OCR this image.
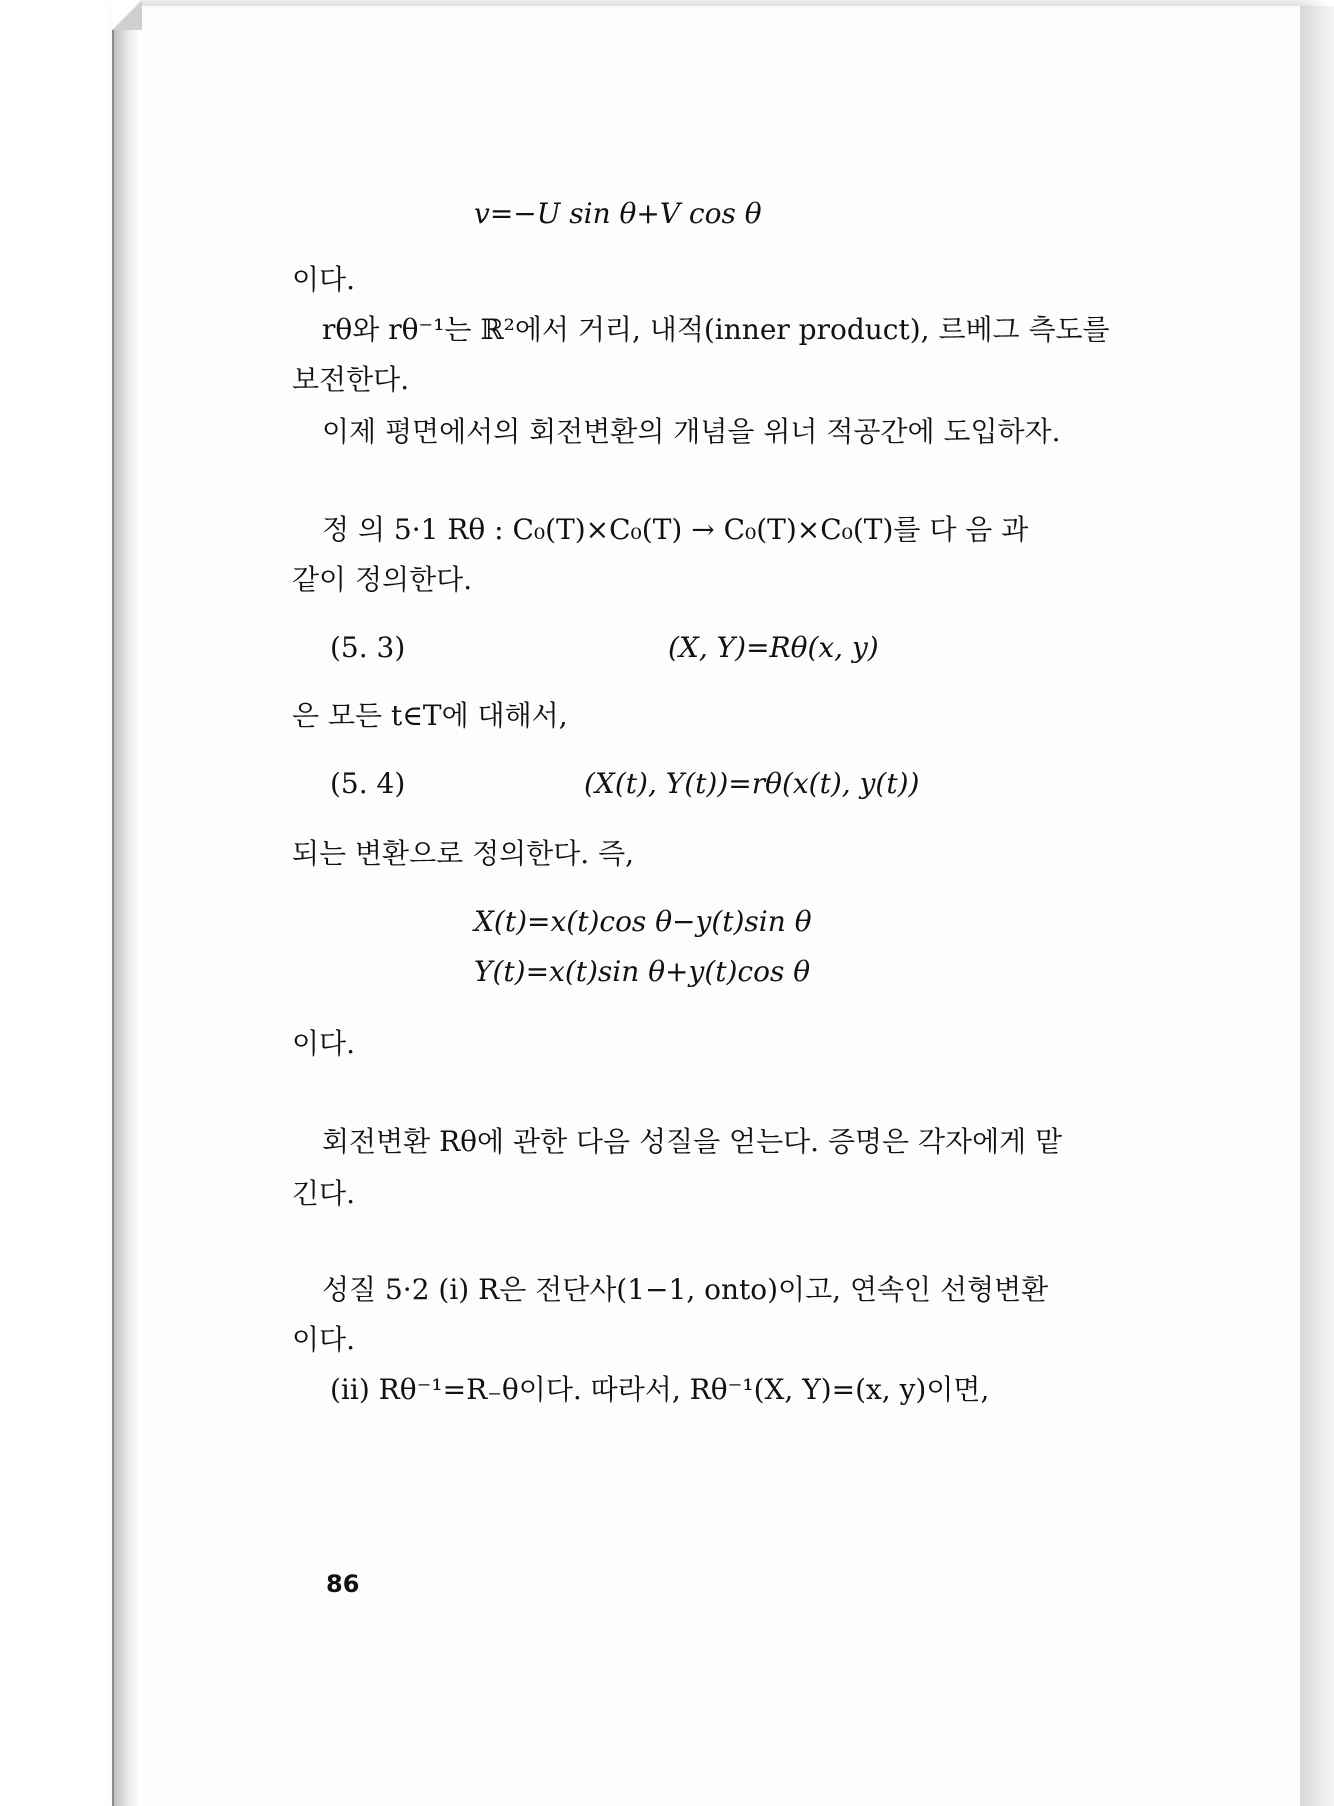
v=−U sin θ+V cos θ
이다.
rθ와 rθ⁻¹는 ℝ²에서 거리, 내적(inner product), 르베그 측도를
보전한다.
이제 평면에서의 회전변환의 개념을 위너 적공간에 도입하자.
정 의 5·1 Rθ : C₀(T)×C₀(T) → C₀(T)×C₀(T)를 다 음 과
같이 정의한다.
(5. 3)	(X, Y)=Rθ(x, y)
은 모든 t∈T에 대해서,
(5. 4)	(X(t), Y(t))=rθ(x(t), y(t))
되는 변환으로 정의한다. 즉,
X(t)=x(t)cos θ−y(t)sin θ
Y(t)=x(t)sin θ+y(t)cos θ
이다.
회전변환 Rθ에 관한 다음 성질을 얻는다. 증명은 각자에게 맡
긴다.
성질 5·2 (i) R은 전단사(1−1, onto)이고, 연속인 선형변환
이다.
(ii) Rθ⁻¹=R₋θ이다. 따라서, Rθ⁻¹(X, Y)=(x, y)이면,
86
